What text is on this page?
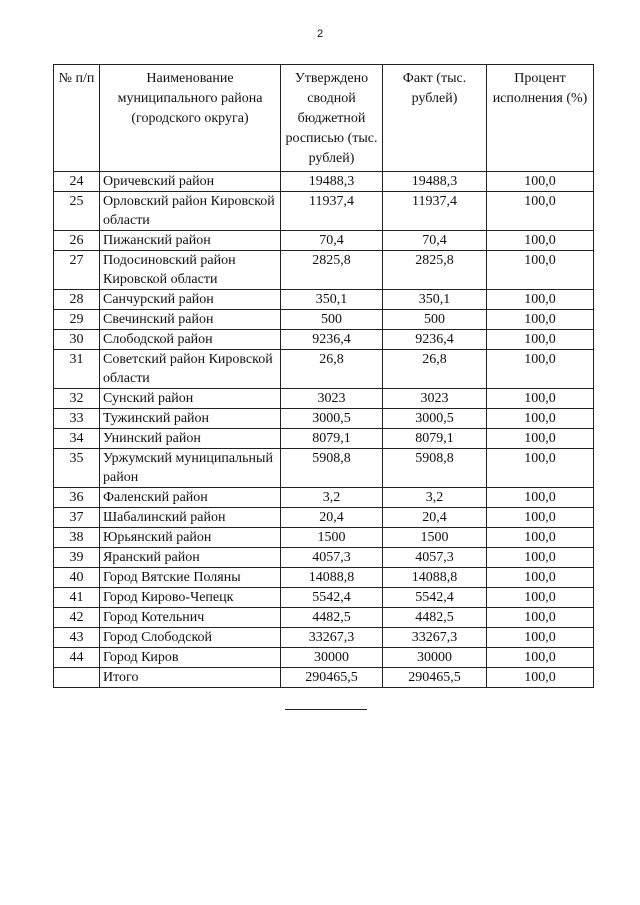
2
№ п/п	Наименование муниципального района (городского округа)	Утверждено сводной бюджетной росписью (тыс. рублей)	Факт (тыс. рублей)	Процент исполнения (%)
24	Оричевский район	19488,3	19488,3	100,0
25	Орловский район Кировской области	11937,4	11937,4	100,0
26	Пижанский район	70,4	70,4	100,0
27	Подосиновский район Кировской области	2825,8	2825,8	100,0
28	Санчурский район	350,1	350,1	100,0
29	Свечинский район	500	500	100,0
30	Слободской район	9236,4	9236,4	100,0
31	Советский район Кировской области	26,8	26,8	100,0
32	Сунский район	3023	3023	100,0
33	Тужинский район	3000,5	3000,5	100,0
34	Унинский район	8079,1	8079,1	100,0
35	Уржумский муниципальный район	5908,8	5908,8	100,0
36	Фаленский район	3,2	3,2	100,0
37	Шабалинский район	20,4	20,4	100,0
38	Юрьянский район	1500	1500	100,0
39	Яранский район	4057,3	4057,3	100,0
40	Город Вятские Поляны	14088,8	14088,8	100,0
41	Город Кирово-Чепецк	5542,4	5542,4	100,0
42	Город Котельнич	4482,5	4482,5	100,0
43	Город Слободской	33267,3	33267,3	100,0
44	Город Киров	30000	30000	100,0
	Итого	290465,5	290465,5	100,0
